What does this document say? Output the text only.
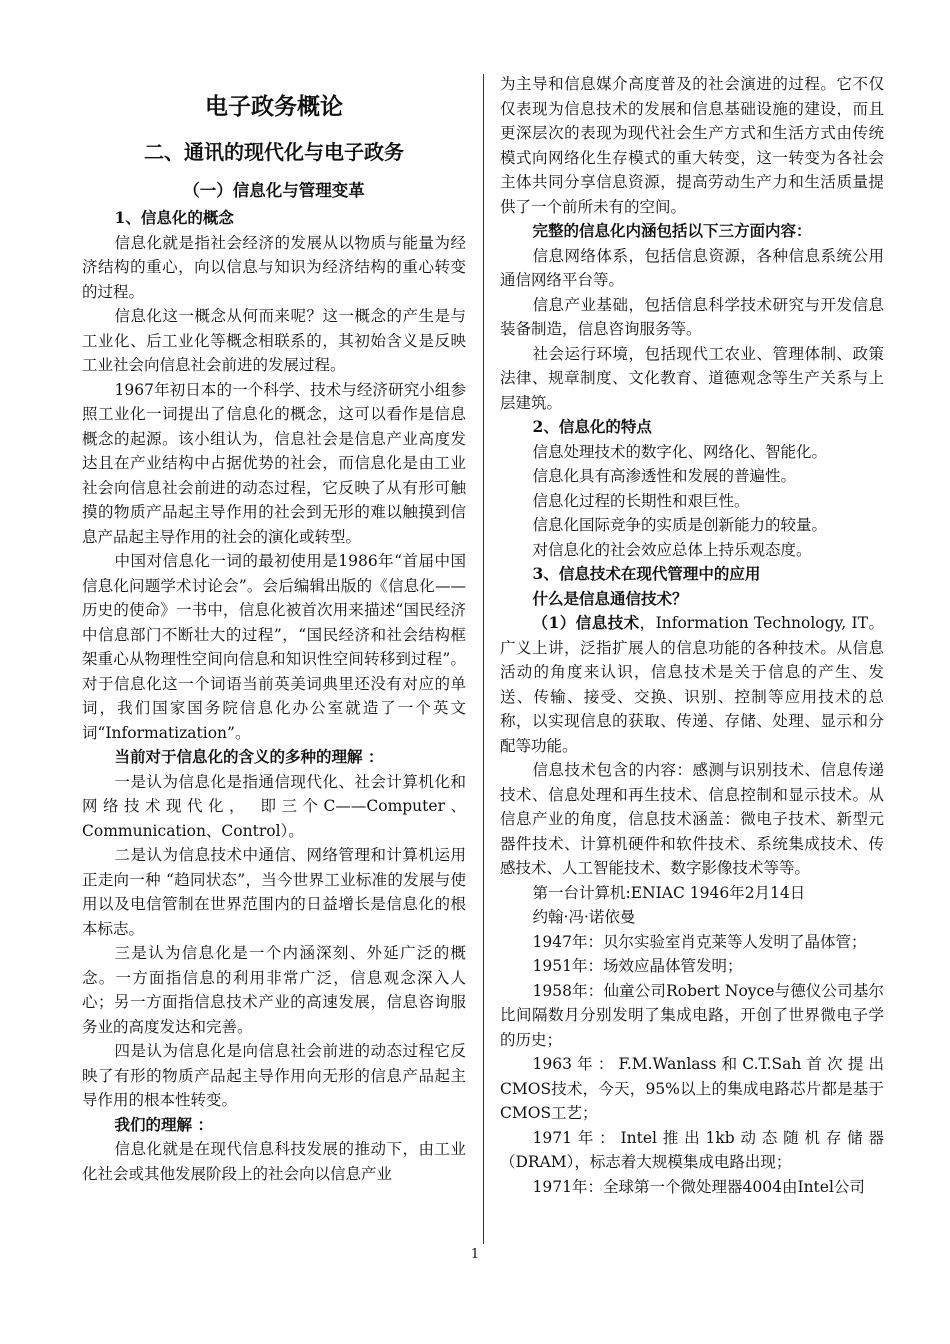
电子政务概论
二、通讯的现代化与电子政务
（一）信息化与管理变革
1、信息化的概念

信息化就是指社会经济的发展从以物质与能量为经济结构的重心，向以信息与知识为经济结构的重心转变的过程。

信息化这一概念从何而来呢？这一概念的产生是与工业化、后工业化等概念相联系的，其初始含义是反映工业社会向信息社会前进的发展过程。

1967年初日本的一个科学、技术与经济研究小组参照工业化一词提出了信息化的概念，这可以看作是信息概念的起源。该小组认为，信息社会是信息产业高度发达且在产业结构中占据优势的社会，而信息化是由工业社会向信息社会前进的动态过程，它反映了从有形可触摸的物质产品起主导作用的社会到无形的难以触摸到信息产品起主导作用的社会的演化或转型。

中国对信息化一词的最初使用是1986年“首届中国信息化问题学术讨论会”。会后编辑出版的《信息化——历史的使命》一书中，信息化被首次用来描述“国民经济中信息部门不断壮大的过程”，“国民经济和社会结构框架重心从物理性空间向信息和知识性空间转移到过程”。对于信息化这一个词语当前英美词典里还没有对应的单词，我们国家国务院信息化办公室就造了一个英文词“Informatization”。

当前对于信息化的含义的多种的理解 ：

一是认为信息化是指通信现代化、社会计算机化和网络技术现代化， 即三个C——Computer、Communication、Control）。

二是认为信息技术中通信、网络管理和计算机运用正走向一种 “趋同状态”，当今世界工业标准的发展与使用以及电信管制在世界范围内的日益增长是信息化的根本标志。

三是认为信息化是一个内涵深刻、外延广泛的概念。一方面指信息的利用非常广泛，信息观念深入人心；另一方面指信息技术产业的高速发展，信息咨询服务业的高度发达和完善。

四是认为信息化是向信息社会前进的动态过程它反映了有形的物质产品起主导作用向无形的信息产品起主导作用的根本性转变。

我们的理解 ：

信息化就是在现代信息科技发展的推动下，由工业化社会或其他发展阶段上的社会向以信息产业

为主导和信息媒介高度普及的社会演进的过程。它不仅仅表现为信息技术的发展和信息基础设施的建设，而且更深层次的表现为现代社会生产方式和生活方式由传统模式向网络化生存模式的重大转变，这一转变为各社会主体共同分享信息资源，提高劳动生产力和生活质量提供了一个前所未有的空间。

完整的信息化内涵包括以下三方面内容：

信息网络体系，包括信息资源，各种信息系统公用通信网络平台等。

信息产业基础，包括信息科学技术研究与开发信息装备制造，信息咨询服务等。

社会运行环境，包括现代工农业、管理体制、政策法律、规章制度、文化教育、道德观念等生产关系与上层建筑。

2、信息化的特点

信息处理技术的数字化、网络化、智能化。

信息化具有高渗透性和发展的普遍性。

信息化过程的长期性和艰巨性。

信息化国际竞争的实质是创新能力的较量。

对信息化的社会效应总体上持乐观态度。

3、信息技术在现代管理中的应用
什么是信息通信技术？

（1）信息技术，Information Technology, IT。广义上讲，泛指扩展人的信息功能的各种技术。从信息活动的角度来认识，信息技术是关于信息的产生、发送、传输、接受、交换、识别、控制等应用技术的总称，以实现信息的获取、传递、存储、处理、显示和分配等功能。

信息技术包含的内容：感测与识别技术、信息传递技术、信息处理和再生技术、信息控制和显示技术。从信息产业的角度，信息技术涵盖：微电子技术、新型元器件技术、计算机硬件和软件技术、系统集成技术、传感技术、人工智能技术、数字影像技术等等。

第一台计算机:ENIAC 1946年2月14日

约翰·冯·诺依曼

1947年：贝尔实验室肖克莱等人发明了晶体管；

1951年：场效应晶体管发明；

1958年：仙童公司Robert Noyce与德仪公司基尔比间隔数月分别发明了集成电路，开创了世界微电子学的历史；

1963年：F.M.Wanlass和C.T.Sah首次提出CMOS技术，今天，95%以上的集成电路芯片都是基于CMOS工艺；

1971年：Intel推出1kb动态随机存储器（DRAM），标志着大规模集成电路出现；

1971年：全球第一个微处理器4004由Intel公司

1
